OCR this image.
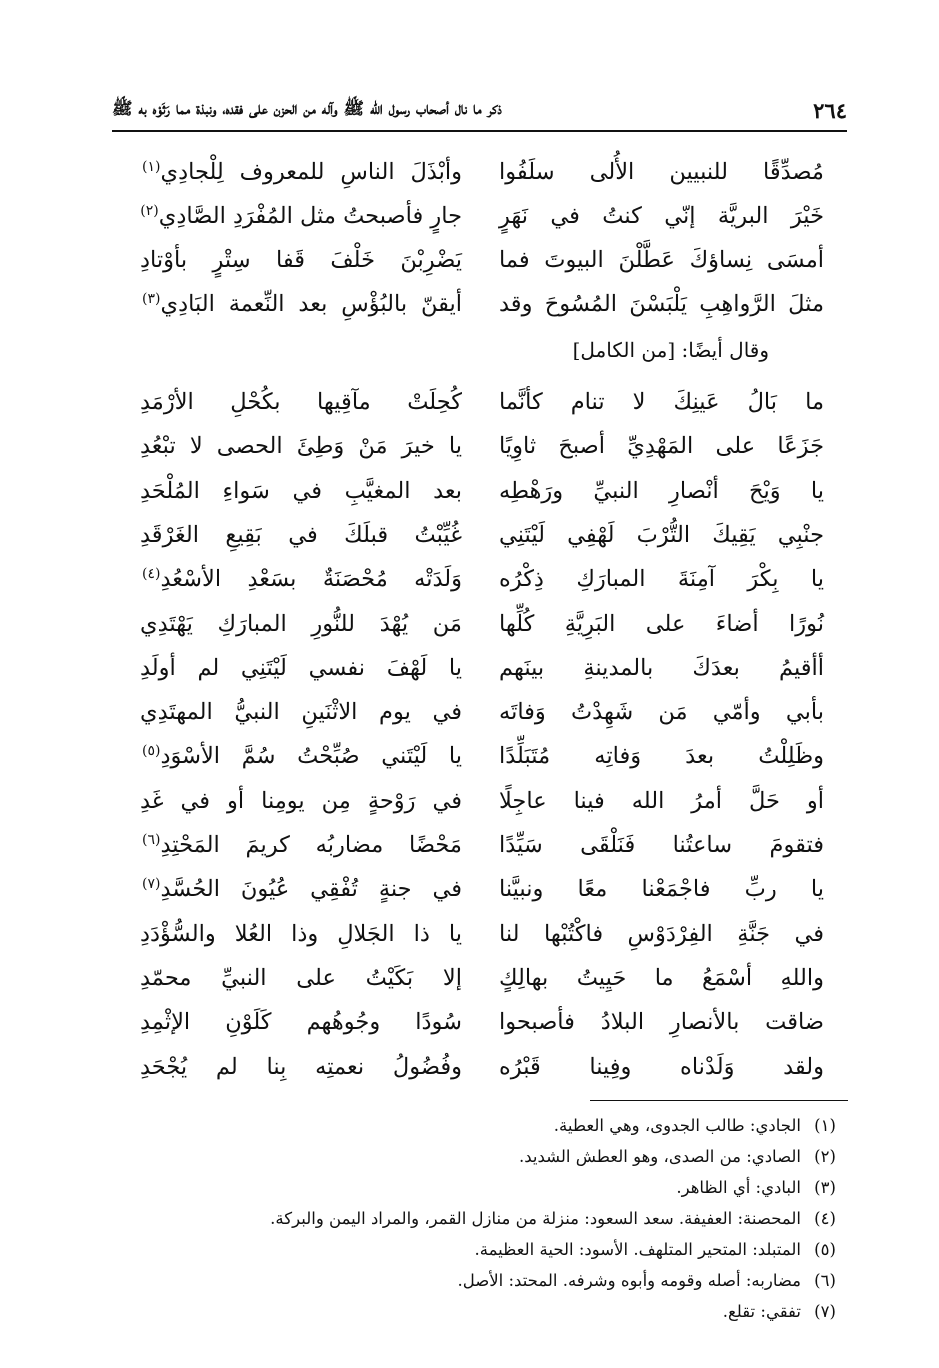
٢٦٤
ذكر ما نال أصحاب رسول الله ﷺ وآله من الحزن على فقده، ونبذة مما رَثَوْه به ﷺ
مُصدِّقًا للنبيين الأُلى سلَفُوا
خَيْرَ البريَّة إنّي كنتُ في نَهَرٍ
أمسَى نِساؤكَ عَطَّلْنَ البيوتَ فما
مثلَ الرَّواهِبِ يَلْبَسْنَ المُسُوحَ وقد
وأبْذَلَ الناسِ للمعروف لِلْجادِي$^{(١)}$
جارٍ فأصبحتُ مثل المُفْرَدِ الصَّادِي$^{(٢)}$
يَضْرِبْنَ خَلْفَ قَفا سِتْرٍ بأوْتادِ
أيقنّ بالبُؤْسِ بعد النِّعمة البَادِي$^{(٣)}$
وقال أيضًا: [من الكامل]
ما بَالُ عَينِكَ لا تنام كأنَّما
جَزَعًا على المَهْدِيِّ أصبحَ ثاوِيًا
يا وَيْحَ أنْصارِ النبيِّ ورَهْطِه
جنْبِي يَقِيكَ التُّرْبَ لَهْفِي لَيْتَنِي
يا بِكْرَ آمِنَةَ المبارَكِ ذِكْرُه
نُورًا أضاءَ على البَرِيَّةِ كُلِّها
أأقيمُ بعدَكَ بالمدينةِ بينَهم
بأبي وأمّي مَن شَهِدْتُ وَفاتَه
وظَلِلْتُ بعدَ وَفاتِه مُتَبَلِّدًا
أو حَلَّ أمرُ الله فينا عاجِلًا
فتقومَ ساعتُنا فَنَلْقَى سَيِّدًا
يا ربِّ فاجْمَعْنا معًا ونبيَّنا
في جَنَّةِ الفِرْدَوْسِ فاكْتُبْها لنا
واللهِ أسْمَعُ ما حَيِيتُ بهالِكٍ
ضاقت بالأنصارِ البلادُ فأصبحوا
ولقد وَلَدْناه وفِينا قَبْرُه
كُحِلَتْ مآقِيها بكُحْلِ الأرْمَدِ
يا خيرَ مَنْ وَطِئَ الحصى لا تبْعُدِ
بعد المغيَّبِ في سَواءِ المُلْحَدِ
غُيِّبْتُ قبلَكَ في بَقِيعِ الغَرْقَدِ
وَلَدَتْه مُحْصَنَةٌ بسَعْدِ الأسْعُدِ$^{(٤)}$
مَن يُهْدَ للنُّورِ المبارَكِ يَهْتَدِي
يا لَهْفَ نفسي لَيْتَنِي لم أولَدِ
في يوم الاثْنَينِ النبيُّ المهتَدِي
يا لَيْتَني صُبِّحْتُ سُمَّ الأسْوَدِ$^{(٥)}$
في رَوْحةٍ مِن يومِنا أو في غَدِ
مَحْضًا مضاربُه كريمَ المَحْتِدِ$^{(٦)}$
في جنةٍ تُفْقِي عُيُونَ الحُسَّدِ$^{(٧)}$
يا ذا الجَلالِ وذا العُلا والسُّؤْدَدِ
إلا بَكَيْتُ على النبيِّ محمّدِ
سُودًا وجُوهُهم كَلَوْنِ الإثْمِدِ
وفُضُولُ نعمتِه بِنا لم يُجْحَدِ
(١)الجادي: طالب الجدوى، وهي العطية.
(٢)الصادي: من الصدى، وهو العطش الشديد.
(٣)البادي: أي الظاهر.
(٤)المحصنة: العفيفة. سعد السعود: منزلة من منازل القمر، والمراد اليمن والبركة.
(٥)المتبلد: المتحير المتلهف. الأسود: الحية العظيمة.
(٦)مضاربه: أصله وقومه وأبوه وشرفه. المحتد: الأصل.
(٧)تفقي: تقلع.
